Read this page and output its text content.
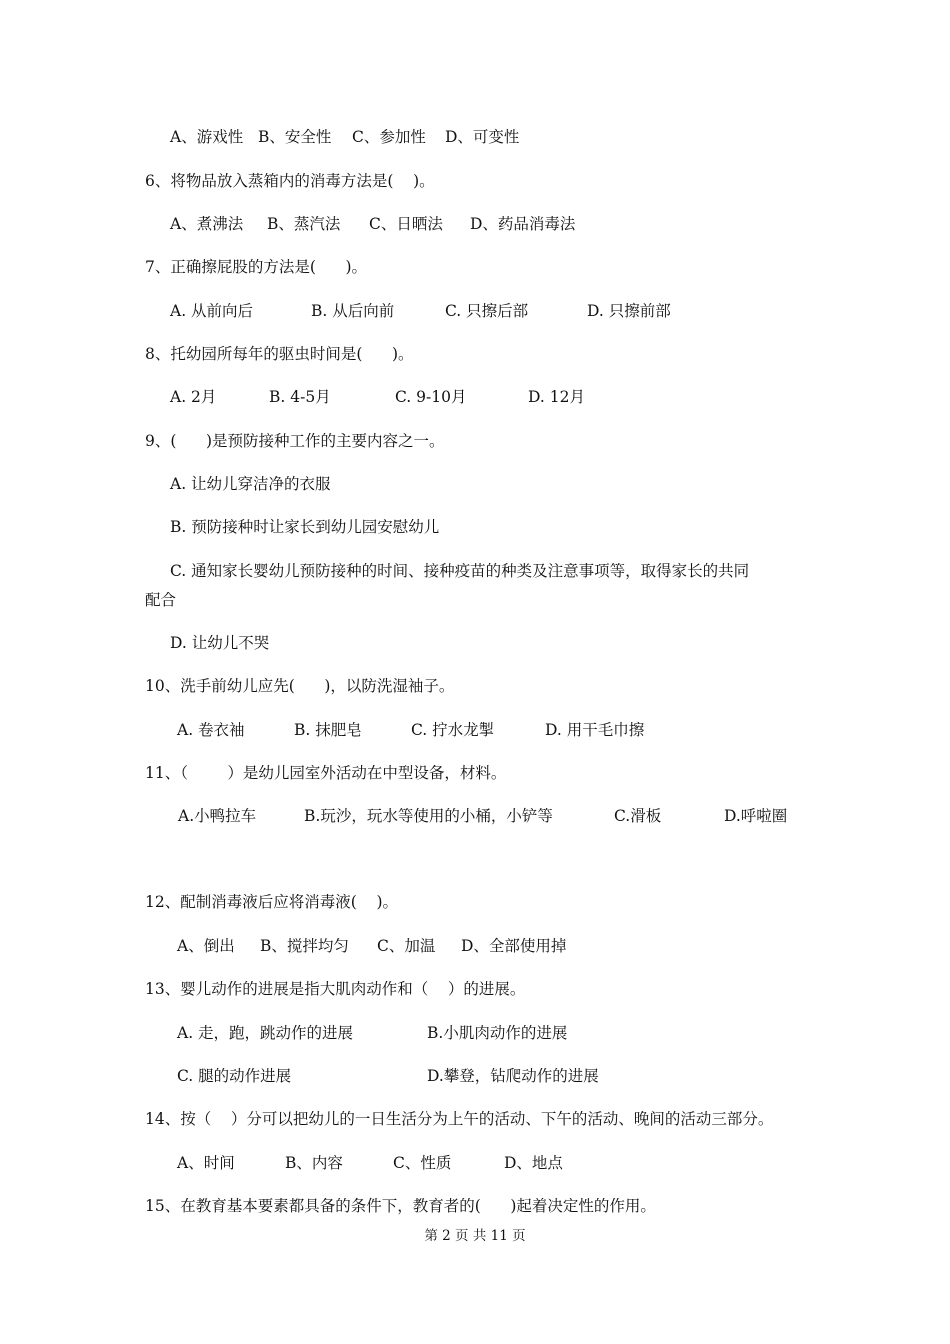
A、游戏性 B、安全性 C、参加性 D、可变性
6、将物品放入蒸箱内的消毒方法是(    )。
A、煮沸法 B、蒸汽法 C、日晒法 D、药品消毒法
7、正确擦屁股的方法是(      )。
A. 从前向后	B. 从后向前	C. 只擦后部	D. 只擦前部
8、托幼园所每年的驱虫时间是(      )。
A. 2月	B. 4-5月	C. 9-10月	D. 12月
9、(      )是预防接种工作的主要内容之一。
A. 让幼儿穿洁净的衣服
B. 预防接种时让家长到幼儿园安慰幼儿
C. 通知家长婴幼儿预防接种的时间、接种疫苗的种类及注意事项等，取得家长的共同
配合
D. 让幼儿不哭
10、洗手前幼儿应先(      )，以防洗湿袖子。
A. 卷衣袖	B. 抹肥皂	C. 拧水龙掣	D. 用干毛巾擦
11、（        ）是幼儿园室外活动在中型设备，材料。
A.小鸭拉车	B.玩沙，玩水等使用的小桶，小铲等	C.滑板	D.呼啦圈
12、配制消毒液后应将消毒液(    )。
A、倒出 B、搅拌均匀 C、加温 D、全部使用掉
13、婴儿动作的进展是指大肌肉动作和（    ）的进展。
A. 走，跑，跳动作的进展	B.小肌肉动作的进展
C. 腿的动作进展	D.攀登，钻爬动作的进展
14、按（    ）分可以把幼儿的一日生活分为上午的活动、下午的活动、晚间的活动三部分。
A、时间	B、内容	C、性质	D、地点
15、在教育基本要素都具备的条件下，教育者的(      )起着决定性的作用。
第 2 页 共 11 页
